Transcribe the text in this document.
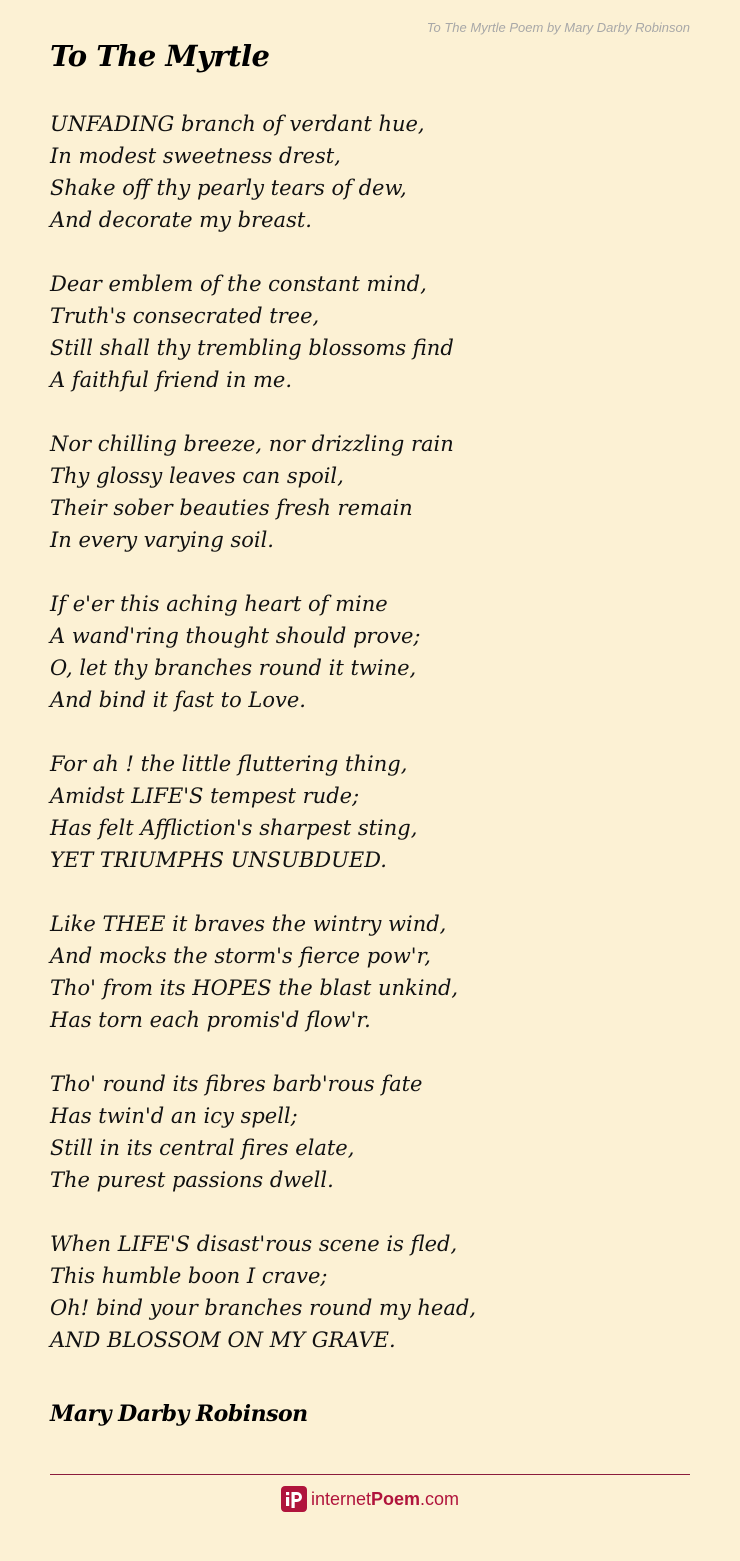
To The Myrtle Poem by Mary Darby Robinson
To The Myrtle
UNFADING branch of verdant hue,
In modest sweetness drest,
Shake off thy pearly tears of dew,
And decorate my breast.
Dear emblem of the constant mind,
Truth's consecrated tree,
Still shall thy trembling blossoms find
A faithful friend in me.
Nor chilling breeze, nor drizzling rain
Thy glossy leaves can spoil,
Their sober beauties fresh remain
In every varying soil.
If e'er this aching heart of mine
A wand'ring thought should prove;
O, let thy branches round it twine,
And bind it fast to Love.
For ah ! the little fluttering thing,
Amidst LIFE'S tempest rude;
Has felt Affliction's sharpest sting,
YET TRIUMPHS UNSUBDUED.
Like THEE it braves the wintry wind,
And mocks the storm's fierce pow'r,
Tho' from its HOPES the blast unkind,
Has torn each promis'd flow'r.
Tho' round its fibres barb'rous fate
Has twin'd an icy spell;
Still in its central fires elate,
The purest passions dwell.
When LIFE'S disast'rous scene is fled,
This humble boon I crave;
Oh! bind your branches round my head,
AND BLOSSOM ON MY GRAVE.
Mary Darby Robinson
internetPoem.com
